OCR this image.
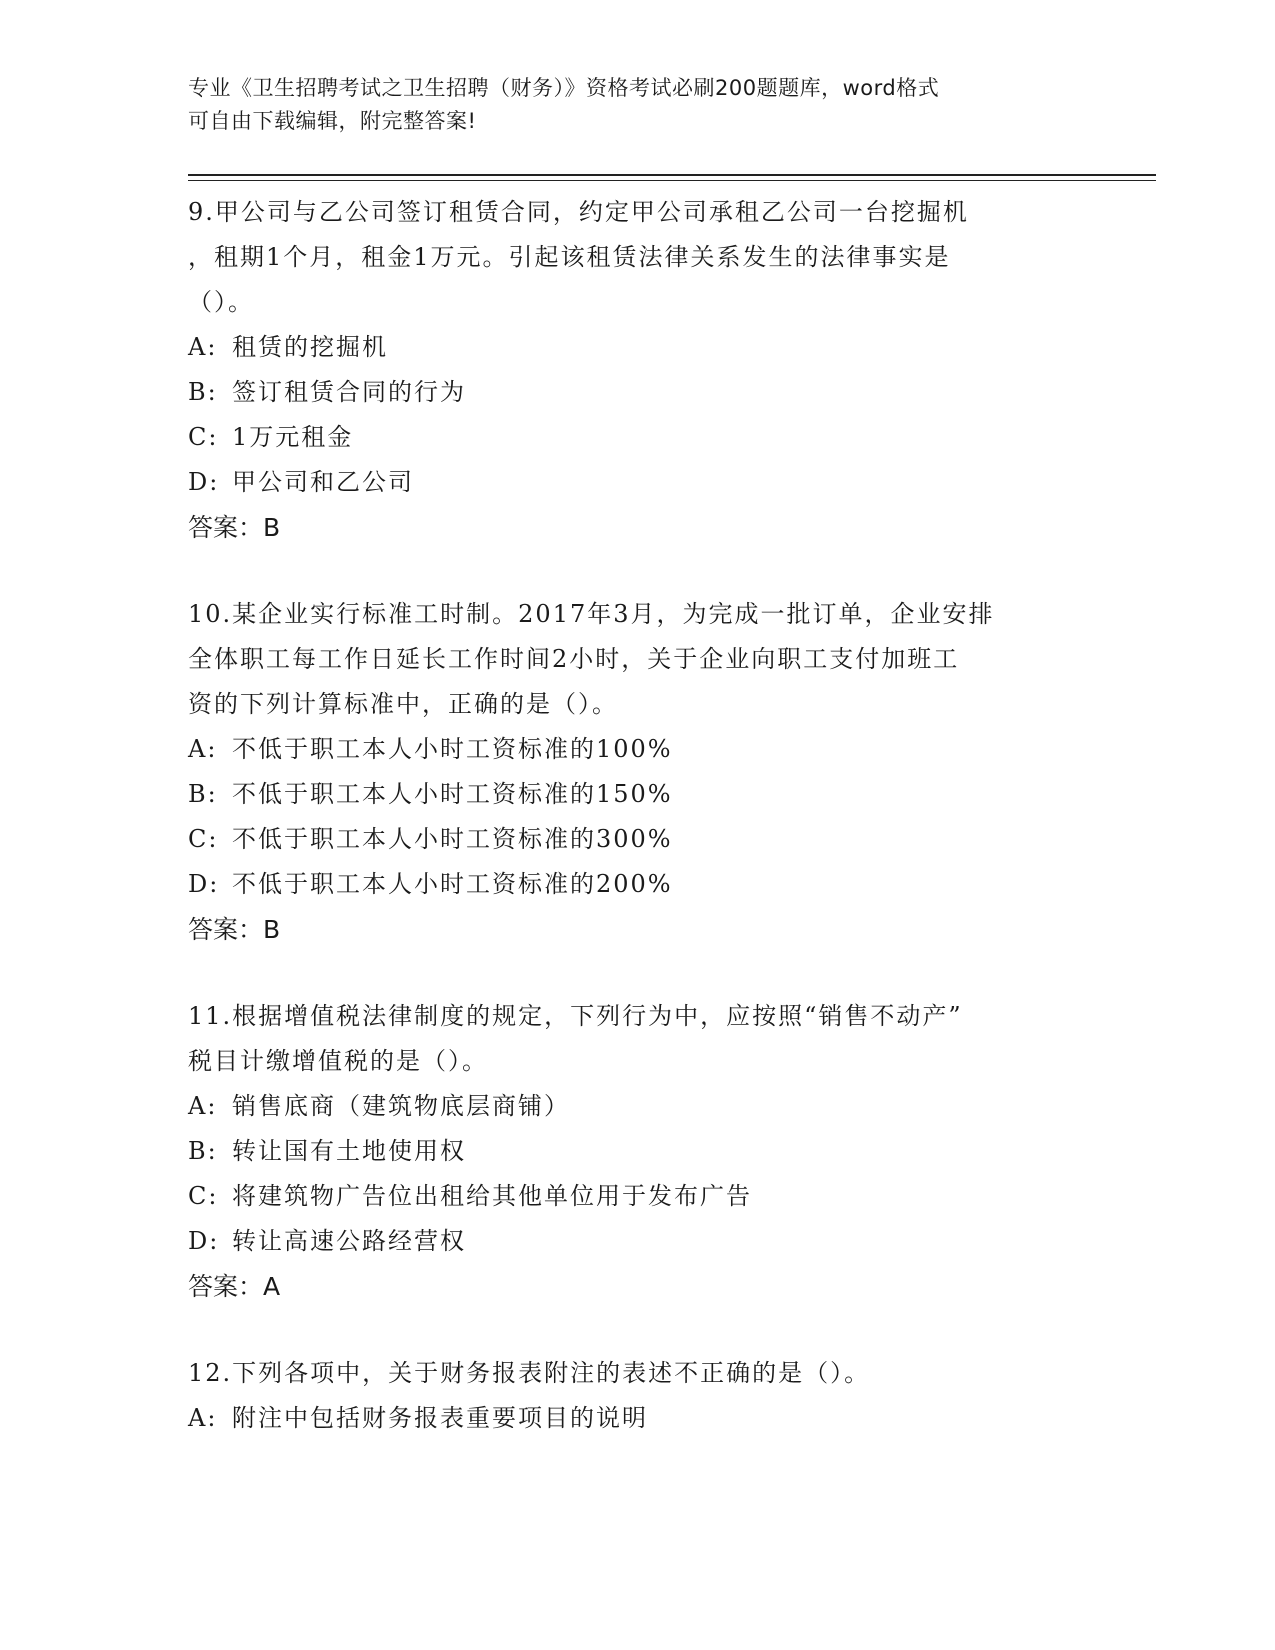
专业《卫生招聘考试之卫生招聘（财务）》资格考试必刷200题题库，word格式
可自由下载编辑，附完整答案!
9.甲公司与乙公司签订租赁合同，约定甲公司承租乙公司一台挖掘机
，租期1个月，租金1万元。引起该租赁法律关系发生的法律事实是
（）。
A: 租赁的挖掘机
B: 签订租赁合同的行为
C: 1万元租金
D: 甲公司和乙公司
答案：B
10.某企业实行标准工时制。2017年3月，为完成一批订单，企业安排
全体职工每工作日延长工作时间2小时，关于企业向职工支付加班工
资的下列计算标准中，正确的是（）。
A: 不低于职工本人小时工资标准的100%
B: 不低于职工本人小时工资标准的150%
C: 不低于职工本人小时工资标准的300%
D: 不低于职工本人小时工资标准的200%
答案：B
11.根据增值税法律制度的规定，下列行为中，应按照“销售不动产”
税目计缴增值税的是（）。
A: 销售底商（建筑物底层商铺）
B: 转让国有土地使用权
C: 将建筑物广告位出租给其他单位用于发布广告
D: 转让高速公路经营权
答案：A
12.下列各项中，关于财务报表附注的表述不正确的是（）。
A: 附注中包括财务报表重要项目的说明
